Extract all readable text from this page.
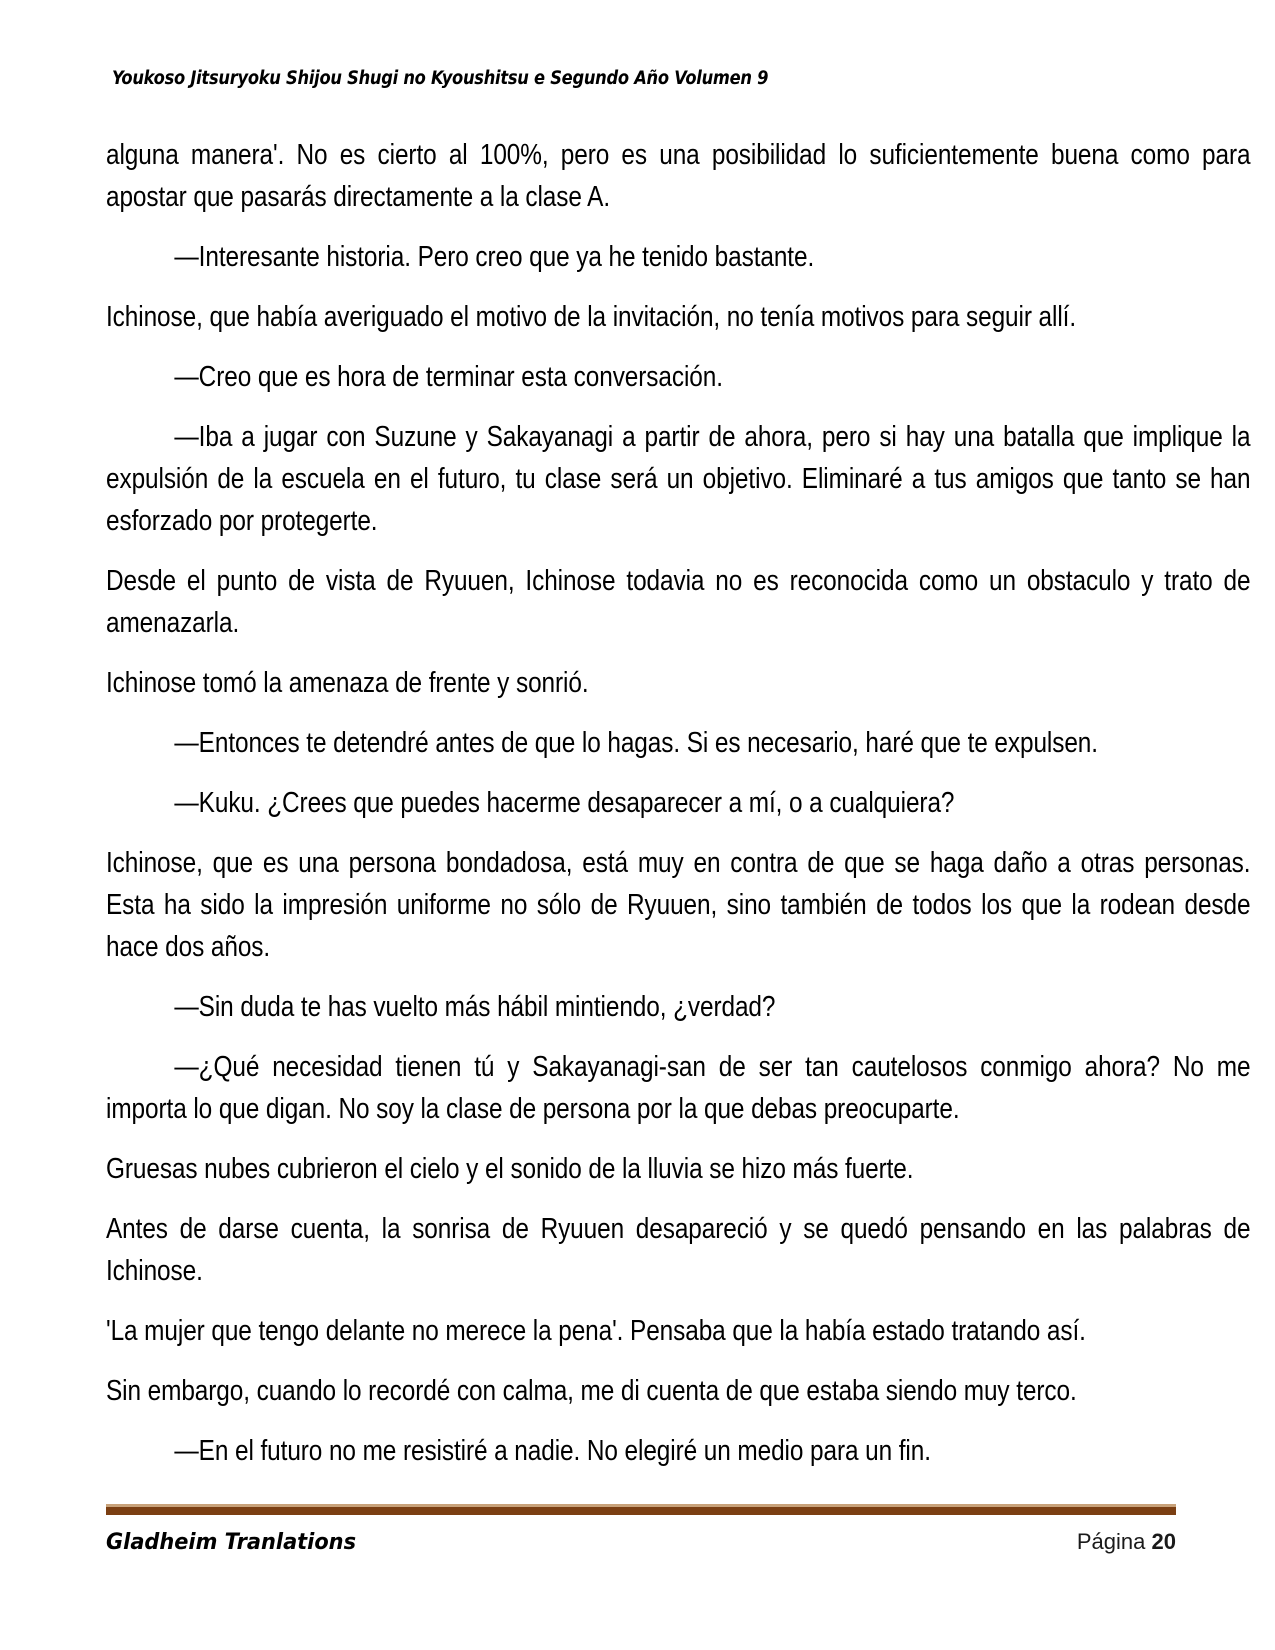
Youkoso Jitsuryoku Shijou Shugi no Kyoushitsu e Segundo Año Volumen 9

alguna manera'. No es cierto al 100%, pero es una posibilidad lo suficientemente buena como para apostar que pasarás directamente a la clase A.

—Interesante historia. Pero creo que ya he tenido bastante.

Ichinose, que había averiguado el motivo de la invitación, no tenía motivos para seguir allí.

—Creo que es hora de terminar esta conversación.

—Iba a jugar con Suzune y Sakayanagi a partir de ahora, pero si hay una batalla que implique la expulsión de la escuela en el futuro, tu clase será un objetivo. Eliminaré a tus amigos que tanto se han esforzado por protegerte.

Desde el punto de vista de Ryuuen, Ichinose todavia no es reconocida como un obstaculo y trato de amenazarla.

Ichinose tomó la amenaza de frente y sonrió.

—Entonces te detendré antes de que lo hagas. Si es necesario, haré que te expulsen.

—Kuku. ¿Crees que puedes hacerme desaparecer a mí, o a cualquiera?

Ichinose, que es una persona bondadosa, está muy en contra de que se haga daño a otras personas. Esta ha sido la impresión uniforme no sólo de Ryuuen, sino también de todos los que la rodean desde hace dos años.

—Sin duda te has vuelto más hábil mintiendo, ¿verdad?

—¿Qué necesidad tienen tú y Sakayanagi-san de ser tan cautelosos conmigo ahora? No me importa lo que digan. No soy la clase de persona por la que debas preocuparte.

Gruesas nubes cubrieron el cielo y el sonido de la lluvia se hizo más fuerte.

Antes de darse cuenta, la sonrisa de Ryuuen desapareció y se quedó pensando en las palabras de Ichinose.

'La mujer que tengo delante no merece la pena'. Pensaba que la había estado tratando así.

Sin embargo, cuando lo recordé con calma, me di cuenta de que estaba siendo muy terco.

—En el futuro no me resistiré a nadie. No elegiré un medio para un fin.

Gladheim Tranlations	Página 20
